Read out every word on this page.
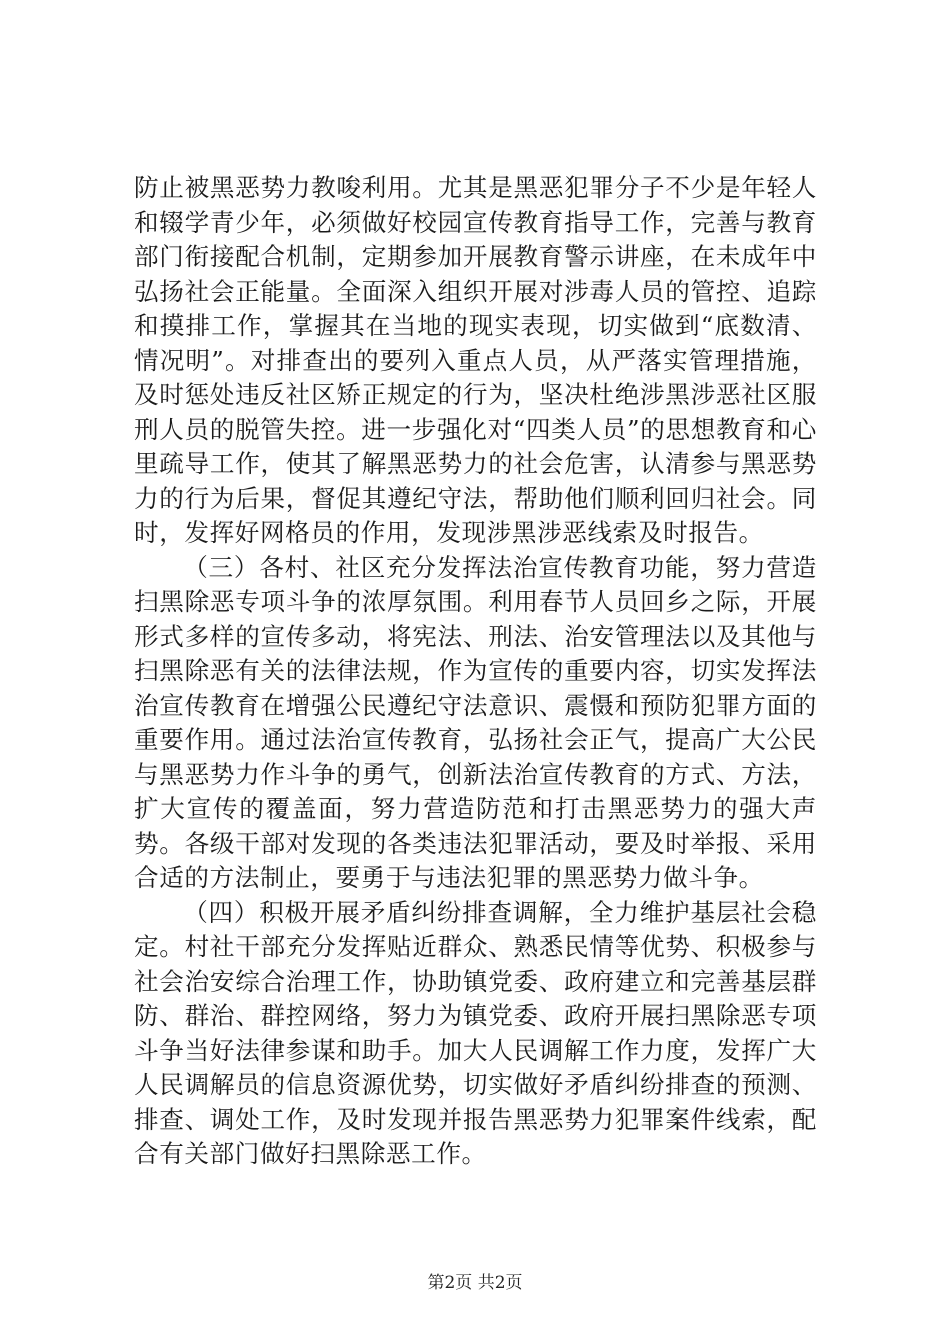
防止被黑恶势力教唆利用。尤其是黑恶犯罪分子不少是年轻人和辍学青少年，必须做好校园宣传教育指导工作，完善与教育部门衔接配合机制，定期参加开展教育警示讲座，在未成年中弘扬社会正能量。全面深入组织开展对涉毒人员的管控、追踪和摸排工作，掌握其在当地的现实表现，切实做到“底数清、情况明”。对排查出的要列入重点人员，从严落实管理措施，及时惩处违反社区矫正规定的行为，坚决杜绝涉黑涉恶社区服刑人员的脱管失控。进一步强化对“四类人员”的思想教育和心里疏导工作，使其了解黑恶势力的社会危害，认清参与黑恶势力的行为后果，督促其遵纪守法，帮助他们顺利回归社会。同时，发挥好网格员的作用，发现涉黑涉恶线索及时报告。

（三）各村、社区充分发挥法治宣传教育功能，努力营造扫黑除恶专项斗争的浓厚氛围。利用春节人员回乡之际，开展形式多样的宣传多动，将宪法、刑法、治安管理法以及其他与扫黑除恶有关的法律法规，作为宣传的重要内容，切实发挥法治宣传教育在增强公民遵纪守法意识、震慑和预防犯罪方面的重要作用。通过法治宣传教育，弘扬社会正气，提高广大公民与黑恶势力作斗争的勇气，创新法治宣传教育的方式、方法，扩大宣传的覆盖面，努力营造防范和打击黑恶势力的强大声势。各级干部对发现的各类违法犯罪活动，要及时举报、采用合适的方法制止，要勇于与违法犯罪的黑恶势力做斗争。

（四）积极开展矛盾纠纷排查调解，全力维护基层社会稳定。村社干部充分发挥贴近群众、熟悉民情等优势、积极参与社会治安综合治理工作，协助镇党委、政府建立和完善基层群防、群治、群控网络，努力为镇党委、政府开展扫黑除恶专项斗争当好法律参谋和助手。加大人民调解工作力度，发挥广大人民调解员的信息资源优势，切实做好矛盾纠纷排查的预测、排查、调处工作，及时发现并报告黑恶势力犯罪案件线索，配合有关部门做好扫黑除恶工作。

第2页 共2页
